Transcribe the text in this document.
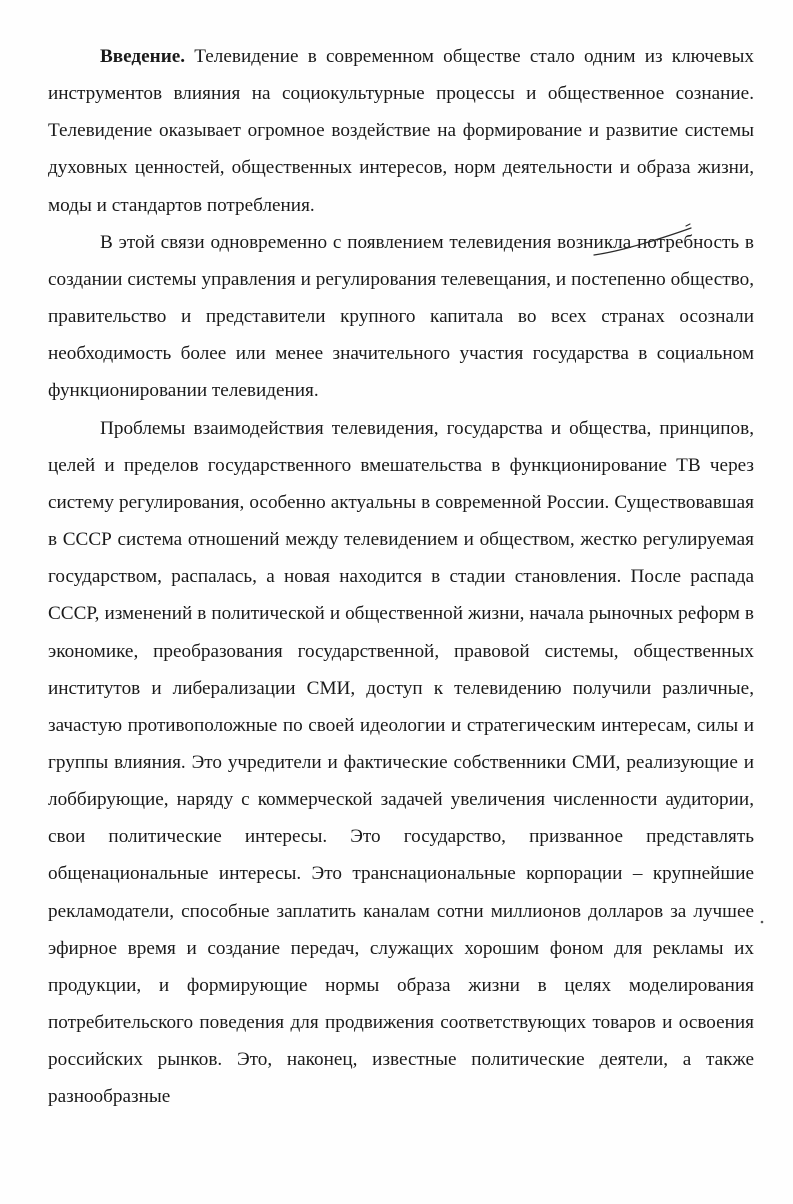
Введение. Телевидение в современном обществе стало одним из ключевых инструментов влияния на социокультурные процессы и общественное сознание. Телевидение оказывает огромное воздействие на формирование и развитие системы духовных ценностей, общественных интересов, норм деятельности и образа жизни, моды и стандартов потребления.

В этой связи одновременно с появлением телевидения возникла потребность в создании системы управления и регулирования телевещания, и постепенно общество, правительство и представители крупного капитала во всех странах осознали необходимость более или менее значительного участия государства в социальном функционировании телевидения.

Проблемы взаимодействия телевидения, государства и общества, принципов, целей и пределов государственного вмешательства в функционирование ТВ через систему регулирования, особенно актуальны в современной России. Существовавшая в СССР система отношений между телевидением и обществом, жестко регулируемая государством, распалась, а новая находится в стадии становления. После распада СССР, изменений в политической и общественной жизни, начала рыночных реформ в экономике, преобразования государственной, правовой системы, общественных институтов и либерализации СМИ, доступ к телевидению получили различные, зачастую противоположные по своей идеологии и стратегическим интересам, силы и группы влияния. Это учредители и фактические собственники СМИ, реализующие и лоббирующие, наряду с коммерческой задачей увеличения численности аудитории, свои политические интересы. Это государство, призванное представлять общенациональные интересы. Это транснациональные корпорации – крупнейшие рекламодатели, способные заплатить каналам сотни миллионов долларов за лучшее эфирное время и создание передач, служащих хорошим фоном для рекламы их продукции, и формирующие нормы образа жизни в целях моделирования потребительского поведения для продвижения соответствующих товаров и освоения российских рынков. Это, наконец, известные политические деятели, а также разнообразные
